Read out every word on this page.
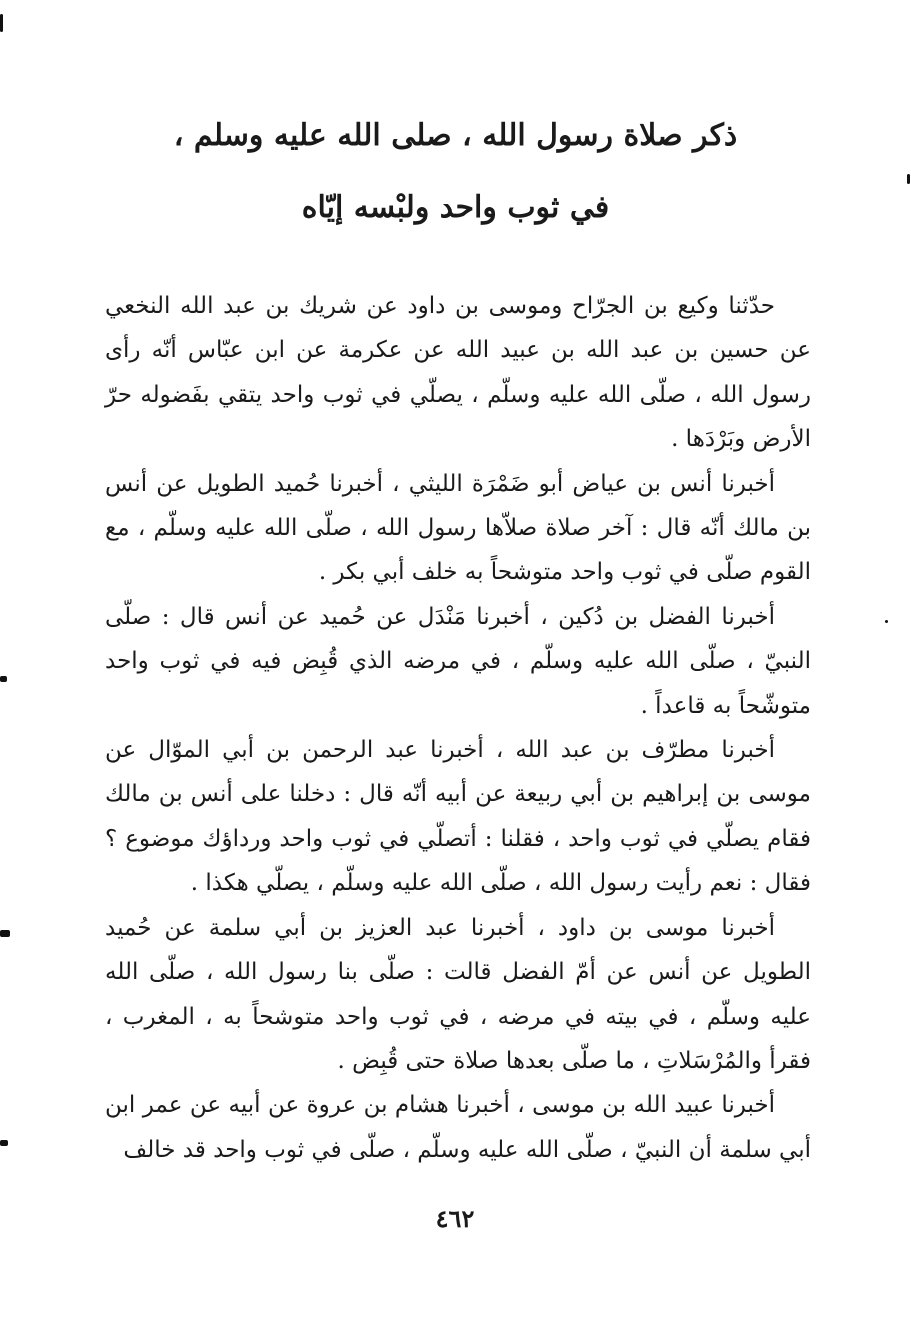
ذكر صلاة رسول الله ، صلى الله عليه وسلم ،
في ثوب واحد ولبْسه إيّاه

حدّثنا وكيع بن الجرّاح وموسى بن داود عن شريك بن عبد الله النخعي عن حسين بن عبد الله بن عبيد الله عن عكرمة عن ابن عبّاس أنّه رأى رسول الله ، صلّى الله عليه وسلّم ، يصلّي في ثوب واحد يتقي بفَضوله حرّ الأرض وبَرْدَها .

أخبرنا أنس بن عياض أبو ضَمْرَة الليثي ، أخبرنا حُميد الطويل عن أنس بن مالك أنّه قال : آخر صلاة صلاّها رسول الله ، صلّى الله عليه وسلّم ، مع القوم صلّى في ثوب واحد متوشحاً به خلف أبي بكر .

أخبرنا الفضل بن دُكين ، أخبرنا مَنْدَل عن حُميد عن أنس قال : صلّى النبيّ ، صلّى الله عليه وسلّم ، في مرضه الذي قُبِض فيه في ثوب واحد متوشّحاً به قاعداً .

أخبرنا مطرّف بن عبد الله ، أخبرنا عبد الرحمن بن أبي الموّال عن موسى بن إبراهيم بن أبي ربيعة عن أبيه أنّه قال : دخلنا على أنس بن مالك فقام يصلّي في ثوب واحد ، فقلنا : أتصلّي في ثوب واحد ورداؤك موضوع ؟ فقال : نعم رأيت رسول الله ، صلّى الله عليه وسلّم ، يصلّي هكذا .

أخبرنا موسى بن داود ، أخبرنا عبد العزيز بن أبي سلمة عن حُميد الطويل عن أنس عن أمّ الفضل قالت : صلّى بنا رسول الله ، صلّى الله عليه وسلّم ، في بيته في مرضه ، في ثوب واحد متوشحاً به ، المغرب ، فقرأ والمُرْسَلاتِ ، ما صلّى بعدها صلاة حتى قُبِض .

أخبرنا عبيد الله بن موسى ، أخبرنا هشام بن عروة عن أبيه عن عمر ابن أبي سلمة أن النبيّ ، صلّى الله عليه وسلّم ، صلّى في ثوب واحد قد خالف

٤٦٢
